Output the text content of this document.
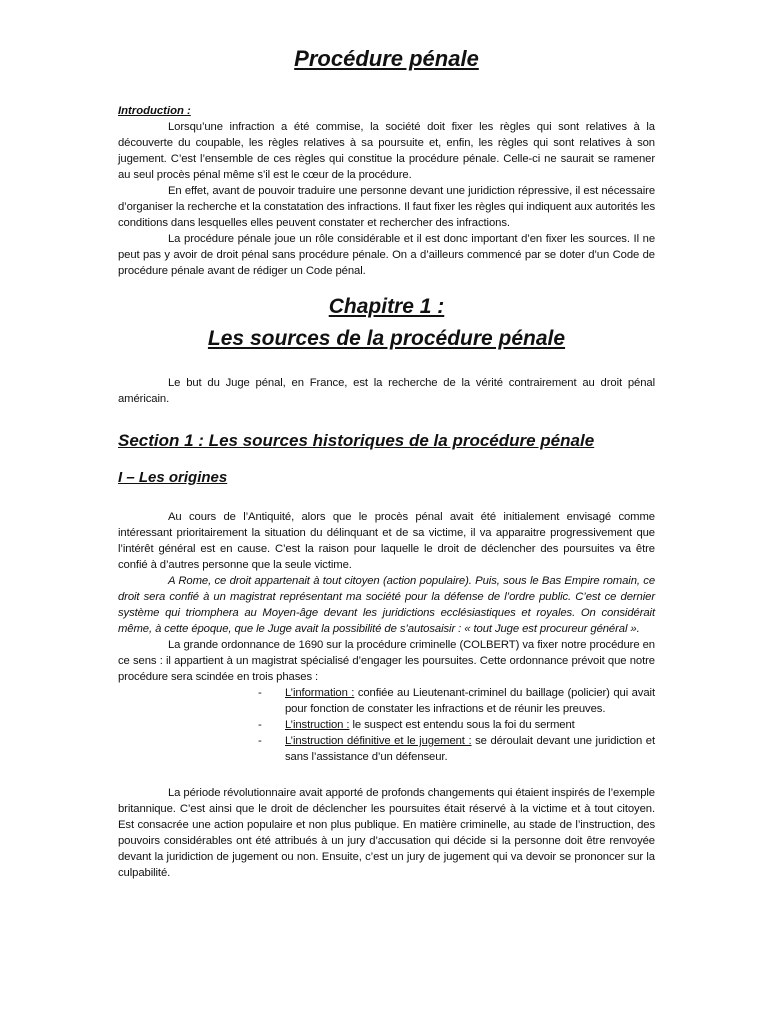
Procédure pénale
Introduction :

Lorsqu’une infraction a été commise, la société doit fixer les règles qui sont relatives à la découverte du coupable, les règles relatives à sa poursuite et, enfin, les règles qui sont relatives à son jugement. C’est l’ensemble de ces règles qui constitue la procédure pénale. Celle-ci ne saurait se ramener au seul procès pénal même s’il est le cœur de la procédure.

En effet, avant de pouvoir traduire une personne devant une juridiction répressive, il est nécessaire d’organiser la recherche et la constatation des infractions. Il faut fixer les règles qui indiquent aux autorités les conditions dans lesquelles elles peuvent constater et rechercher des infractions.

La procédure pénale joue un rôle considérable et il est donc important d’en fixer les sources. Il ne peut pas y avoir de droit pénal sans procédure pénale. On a d’ailleurs commencé par se doter d’un Code de procédure pénale avant de rédiger un Code pénal.

Chapitre 1 :
Les sources de la procédure pénale

Le but du Juge pénal, en France, est la recherche de la vérité contrairement au droit pénal américain.

Section 1 : Les sources historiques de la procédure pénale
I – Les origines

Au cours de l’Antiquité, alors que le procès pénal avait été initialement envisagé comme intéressant prioritairement la situation du délinquant et de sa victime, il va apparaitre progressivement que l’intérêt général est en cause. C’est la raison pour laquelle le droit de déclencher des poursuites va être confié à d’autres personne que la seule victime.

A Rome, ce droit appartenait à tout citoyen (action populaire). Puis, sous le Bas Empire romain, ce droit sera confié à un magistrat représentant ma société pour la défense de l’ordre public. C’est ce dernier système qui triomphera au Moyen-âge devant les juridictions ecclésiastiques et royales. On considérait même, à cette époque, que le Juge avait la possibilité de s’autosaisir : « tout Juge est procureur général ».

La grande ordonnance de 1690 sur la procédure criminelle (COLBERT) va fixer notre procédure en ce sens : il appartient à un magistrat spécialisé d’engager les poursuites. Cette ordonnance prévoit que notre procédure sera scindée en trois phases :

- L’information : confiée au Lieutenant-criminel du baillage (policier) qui avait pour fonction de constater les infractions et de réunir les preuves.
- L’instruction : le suspect est entendu sous la foi du serment
- L’instruction définitive et le jugement : se déroulait devant une juridiction et sans l’assistance d’un défenseur.

La période révolutionnaire avait apporté de profonds changements qui étaient inspirés de l’exemple britannique. C’est ainsi que le droit de déclencher les poursuites était réservé à la victime et à tout citoyen. Est consacrée une action populaire et non plus publique. En matière criminelle, au stade de l’instruction, des pouvoirs considérables ont été attribués à un jury d’accusation qui décide si la personne doit être renvoyée devant la juridiction de jugement ou non. Ensuite, c’est un jury de jugement qui va devoir se prononcer sur la culpabilité.
